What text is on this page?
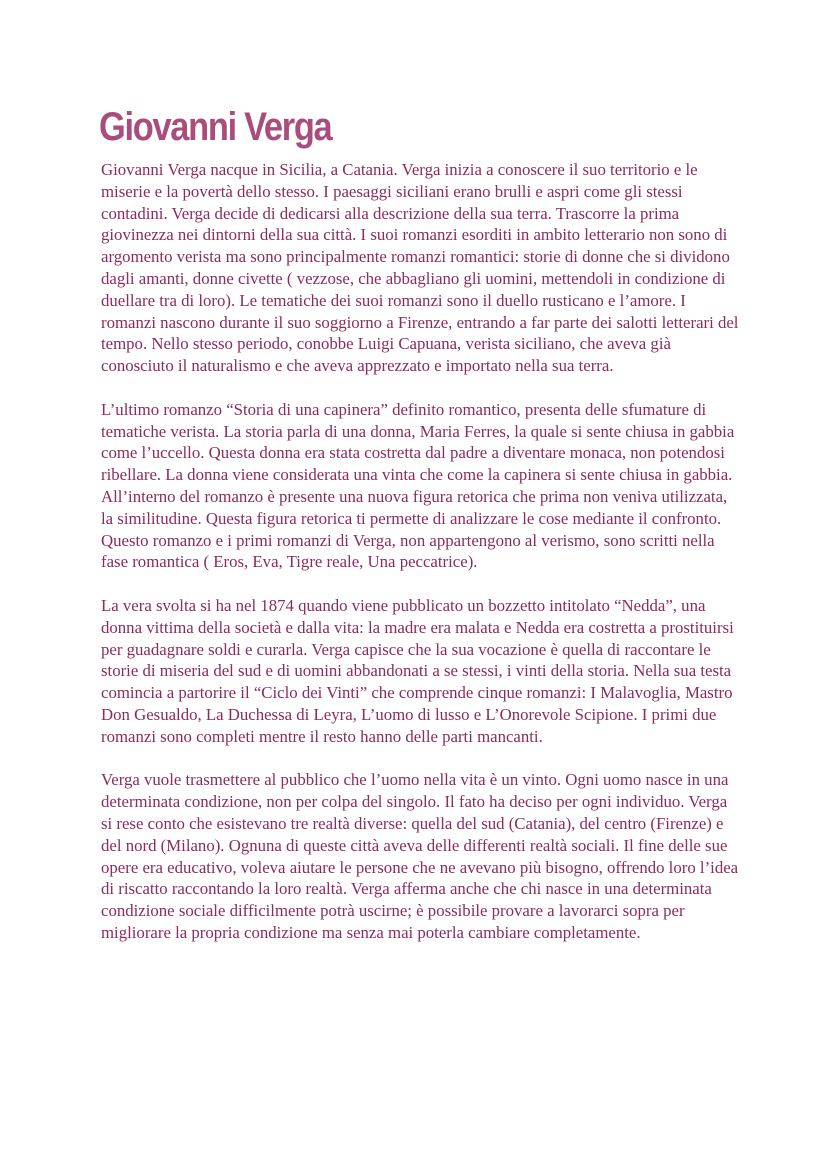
Giovanni Verga

Giovanni Verga nacque in Sicilia, a Catania. Verga inizia a conoscere il suo territorio e le miserie e la povertà dello stesso. I paesaggi siciliani erano brulli e aspri come gli stessi contadini. Verga decide di dedicarsi alla descrizione della sua terra. Trascorre la prima giovinezza nei dintorni della sua città. I suoi romanzi esorditi in ambito letterario non sono di argomento verista ma sono principalmente romanzi romantici: storie di donne che si dividono dagli amanti, donne civette ( vezzose, che abbagliano gli uomini, mettendoli in condizione di duellare tra di loro). Le tematiche dei suoi romanzi sono il duello rusticano e l’amore. I romanzi nascono durante il suo soggiorno a Firenze, entrando a far parte dei salotti letterari del tempo. Nello stesso periodo, conobbe Luigi Capuana, verista siciliano, che aveva già conosciuto il naturalismo e che aveva apprezzato e importato nella sua terra.

L’ultimo romanzo “Storia di una capinera” definito romantico, presenta delle sfumature di tematiche verista. La storia parla di una donna, Maria Ferres, la quale si sente chiusa in gabbia come l’uccello. Questa donna era stata costretta dal padre a diventare monaca, non potendosi ribellare. La donna viene considerata una vinta che come la capinera si sente chiusa in gabbia. All’interno del romanzo è presente una nuova figura retorica che prima non veniva utilizzata, la similitudine. Questa figura retorica ti permette di analizzare le cose mediante il confronto. Questo romanzo e i primi romanzi di Verga, non appartengono al verismo, sono scritti nella fase romantica ( Eros, Eva, Tigre reale, Una peccatrice).

La vera svolta si ha nel 1874 quando viene pubblicato un bozzetto intitolato “Nedda”, una donna vittima della società e dalla vita: la madre era malata e Nedda era costretta a prostituirsi per guadagnare soldi e curarla. Verga capisce che la sua vocazione è quella di raccontare le storie di miseria del sud e di uomini abbandonati a se stessi, i vinti della storia. Nella sua testa comincia a partorire il “Ciclo dei Vinti” che comprende cinque romanzi: I Malavoglia, Mastro Don Gesualdo, La Duchessa di Leyra, L’uomo di lusso e L’Onorevole Scipione. I primi due romanzi sono completi mentre il resto hanno delle parti mancanti.

Verga vuole trasmettere al pubblico che l’uomo nella vita è un vinto. Ogni uomo nasce in una determinata condizione, non per colpa del singolo. Il fato ha deciso per ogni individuo. Verga si rese conto che esistevano tre realtà diverse: quella del sud (Catania), del centro (Firenze) e del nord (Milano). Ognuna di queste città aveva delle differenti realtà sociali. Il fine delle sue opere era educativo, voleva aiutare le persone che ne avevano più bisogno, offrendo loro l’idea di riscatto raccontando la loro realtà. Verga afferma anche che chi nasce in una determinata condizione sociale difficilmente potrà uscirne; è possibile provare a lavorarci sopra per migliorare la propria condizione ma senza mai poterla cambiare completamente.
